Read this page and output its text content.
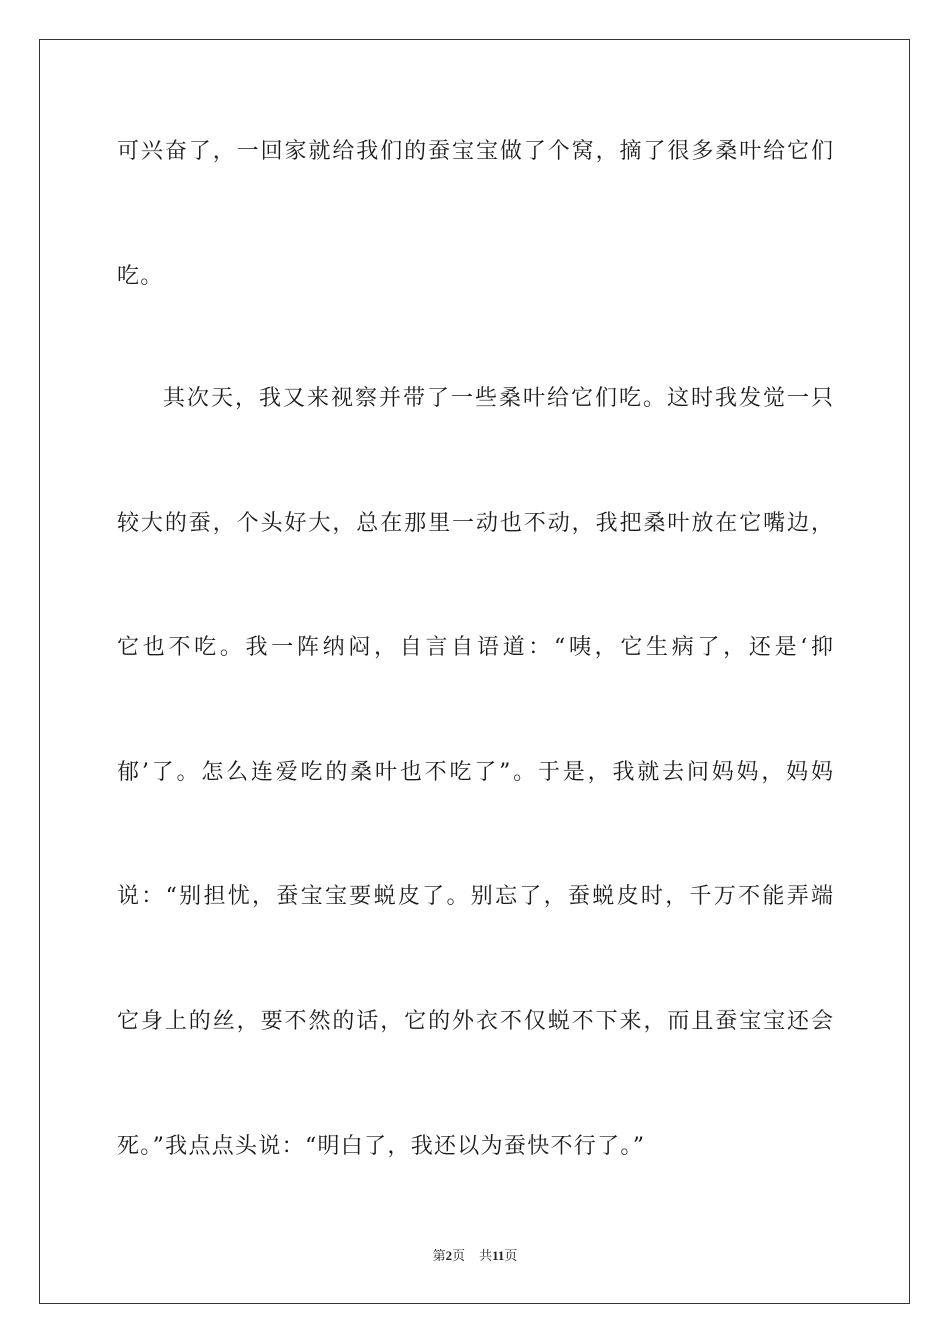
可兴奋了，一回家就给我们的蚕宝宝做了个窝，摘了很多桑叶给它们
吃。
其次天，我又来视察并带了一些桑叶给它们吃。这时我发觉一只
较大的蚕，个头好大，总在那里一动也不动，我把桑叶放在它嘴边，
它也不吃。我一阵纳闷，自言自语道：“咦，它生病了，还是‘抑
郁’了。怎么连爱吃的桑叶也不吃了”。于是，我就去问妈妈，妈妈
说：“别担忧，蚕宝宝要蜕皮了。别忘了，蚕蜕皮时，千万不能弄端
它身上的丝，要不然的话，它的外衣不仅蜕不下来，而且蚕宝宝还会
死。”我点点头说：“明白了，我还以为蚕快不行了。”
第2页 共11页
